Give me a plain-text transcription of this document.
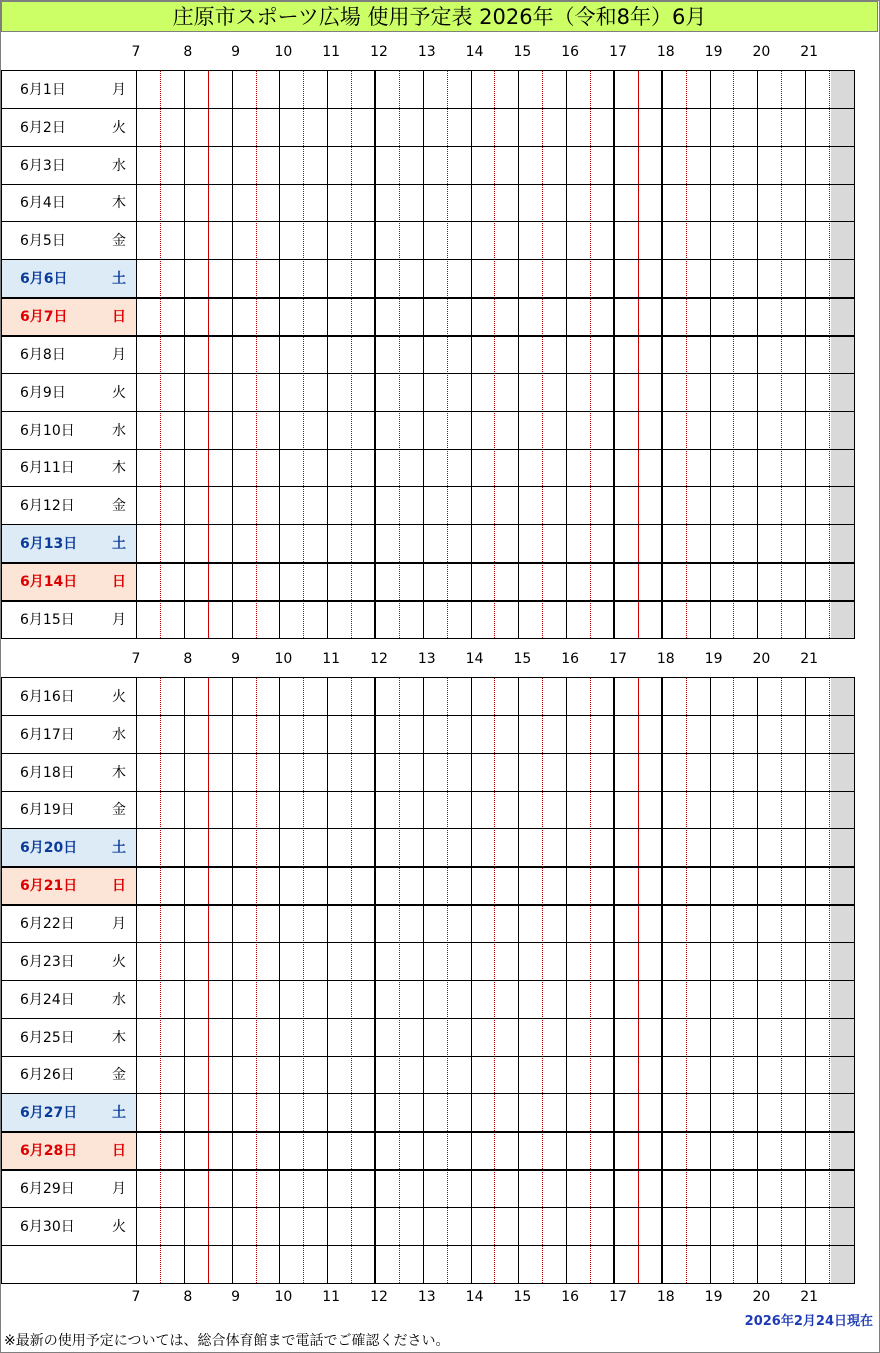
庄原市スポーツ広場 使用予定表 2026年（令和8年）6月
7	8	9	10	11	12	13	14	15	16	17	18	19	20	21
7	8	9	10	11	12	13	14	15	16	17	18	19	20	21
7	8	9	10	11	12	13	14	15	16	17	18	19	20	21
6月1日	月
6月2日	火
6月3日	水
6月4日	木
6月5日	金
6月6日	土
6月7日	日
6月8日	月
6月9日	火
6月10日	水
6月11日	木
6月12日	金
6月13日 土
6月14日 日
6月15日	月
6月16日	火
6月17日	水
6月18日	木
6月19日	金
6月20日 土
6月21日 日
6月22日	月
6月23日	火
6月24日	水
6月25日	木
6月26日	金
6月27日 土
6月28日 日
6月29日	月
6月30日	火
2026年2月24日現在
※最新の使用予定については、総合体育館まで電話でご確認ください。
